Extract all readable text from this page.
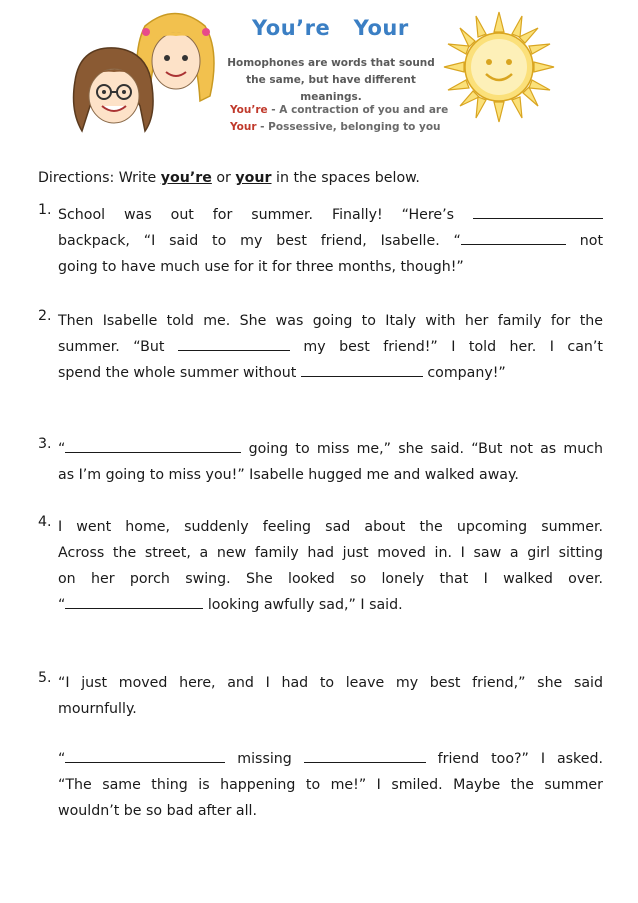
You’re   Your
Homophones are words that sound
the same, but have different meanings.
You’re - A contraction of you and are
Your - Possessive, belonging to you

Directions: Write you’re or your in the spaces below.

1. School was out for summer. Finally! “Here’s
backpack, “I said to my best friend, Isabelle. “	not
going to have much use for it for three months, though!”
2. Then Isabelle told me. She was going to Italy with her family for the
summer. “But	my best friend!” I told her. I can’t
spend the whole summer without	company!”
3. “	going to miss me,” she said. “But not as much
as I’m going to miss you!” Isabelle hugged me and walked away.
4. I went home, suddenly feeling sad about the upcoming summer.
Across the street, a new family had just moved in. I saw a girl sitting
on her porch swing. She looked so lonely that I walked over.
“	looking awfully sad,” I said.
5. “I just moved here, and I had to leave my best friend,” she said
mournfully.
“	missing	friend too?” I asked.
“The same thing is happening to me!” I smiled. Maybe the summer
wouldn’t be so bad after all.
